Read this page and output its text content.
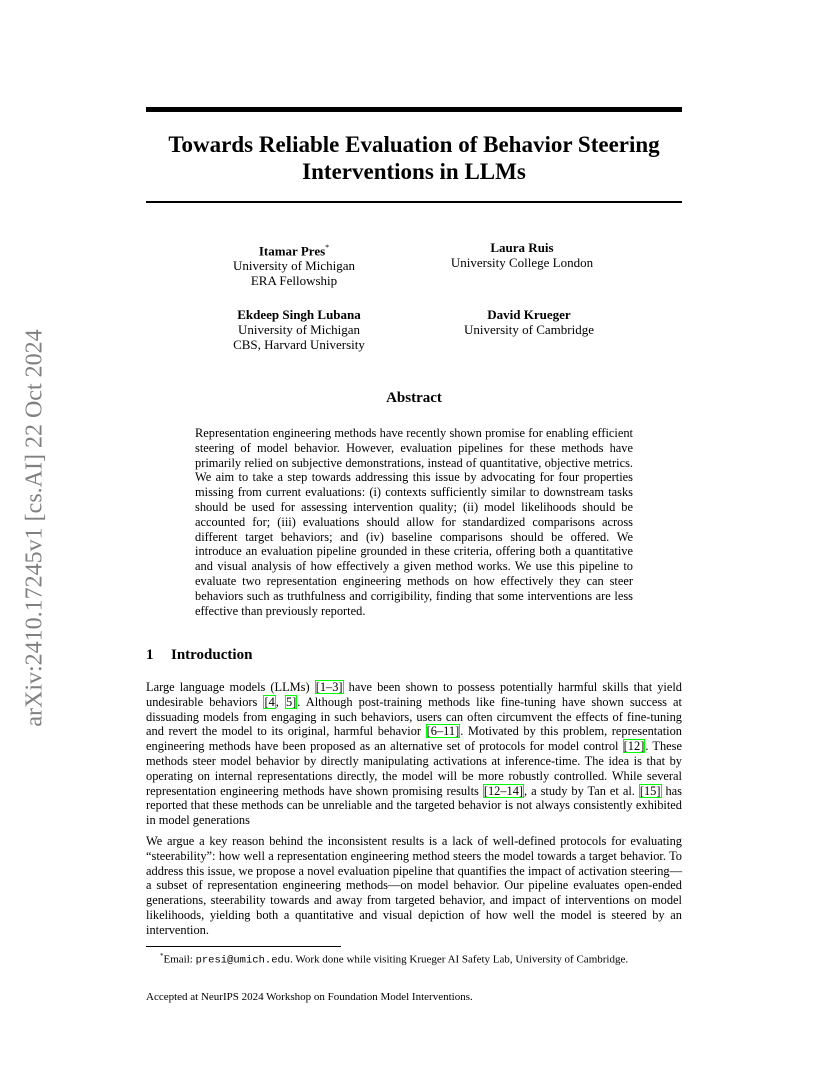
arXiv:2410.17245v1 [cs.AI] 22 Oct 2024
Towards Reliable Evaluation of Behavior Steering Interventions in LLMs
Itamar Pres*
University of Michigan
ERA Fellowship
Laura Ruis
University College London
Ekdeep Singh Lubana
University of Michigan
CBS, Harvard University
David Krueger
University of Cambridge
Abstract
Representation engineering methods have recently shown promise for enabling efficient steering of model behavior. However, evaluation pipelines for these methods have primarily relied on subjective demonstrations, instead of quantitative, objective metrics. We aim to take a step towards addressing this issue by advocating for four properties missing from current evaluations: (i) contexts sufficiently similar to downstream tasks should be used for assessing intervention quality; (ii) model likelihoods should be accounted for; (iii) evaluations should allow for standardized comparisons across different target behaviors; and (iv) baseline comparisons should be offered. We introduce an evaluation pipeline grounded in these criteria, offering both a quantitative and visual analysis of how effectively a given method works. We use this pipeline to evaluate two representation engineering methods on how effectively they can steer behaviors such as truthfulness and corrigibility, finding that some interventions are less effective than previously reported.
1 Introduction

Large language models (LLMs) [1–3] have been shown to possess potentially harmful skills that yield undesirable behaviors [4, 5]. Although post-training methods like fine-tuning have shown success at dissuading models from engaging in such behaviors, users can often circumvent the effects of fine-tuning and revert the model to its original, harmful behavior [6–11]. Motivated by this problem, representation engineering methods have been proposed as an alternative set of protocols for model control [12]. These methods steer model behavior by directly manipulating activations at inference-time. The idea is that by operating on internal representations directly, the model will be more robustly controlled. While several representation engineering methods have shown promising results [12–14], a study by Tan et al. [15] has reported that these methods can be unreliable and the targeted behavior is not always consistently exhibited in model generations

We argue a key reason behind the inconsistent results is a lack of well-defined protocols for evaluating “steerability”: how well a representation engineering method steers the model towards a target behavior. To address this issue, we propose a novel evaluation pipeline that quantifies the impact of activation steering—a subset of representation engineering methods—on model behavior. Our pipeline evaluates open-ended generations, steerability towards and away from targeted behavior, and impact of interventions on model likelihoods, yielding both a quantitative and visual depiction of how well the model is steered by an intervention.

*Email: presi@umich.edu. Work done while visiting Krueger AI Safety Lab, University of Cambridge.
Accepted at NeurIPS 2024 Workshop on Foundation Model Interventions.
